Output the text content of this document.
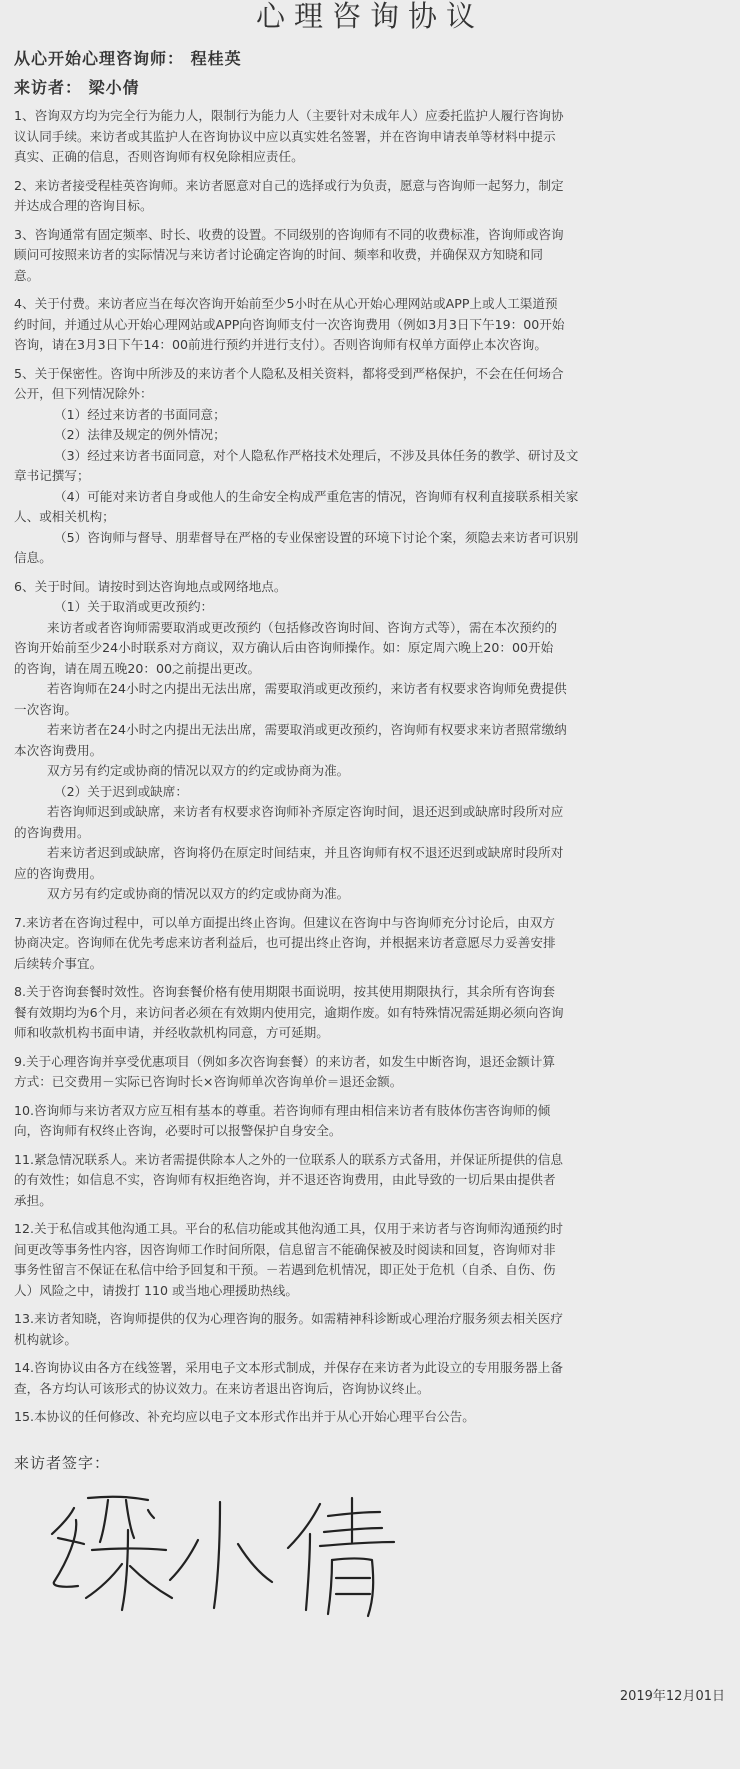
心理咨询协议
从心开始心理咨询师： 程桂英
来访者： 梁小倩
1、咨询双方均为完全行为能力人，限制行为能力人（主要针对未成年人）应委托监护人履行咨询协
议认同手续。来访者或其监护人在咨询协议中应以真实姓名签署，并在咨询申请表单等材料中提示
真实、正确的信息，否则咨询师有权免除相应责任。
2、来访者接受程桂英咨询师。来访者愿意对自己的选择或行为负责，愿意与咨询师一起努力，制定
并达成合理的咨询目标。
3、咨询通常有固定频率、时长、收费的设置。不同级别的咨询师有不同的收费标准，咨询师或咨询
顾问可按照来访者的实际情况与来访者讨论确定咨询的时间、频率和收费，并确保双方知晓和同
意。
4、关于付费。来访者应当在每次咨询开始前至少5小时在从心开始心理网站或APP上或人工渠道预
约时间，并通过从心开始心理网站或APP向咨询师支付一次咨询费用（例如3月3日下午19：00开始
咨询，请在3月3日下午14：00前进行预约并进行支付）。否则咨询师有权单方面停止本次咨询。
5、关于保密性。咨询中所涉及的来访者个人隐私及相关资料，都将受到严格保护，不会在任何场合
公开，但下列情况除外：
（1）经过来访者的书面同意；
（2）法律及规定的例外情况；
（3）经过来访者书面同意，对个人隐私作严格技术处理后，不涉及具体任务的教学、研讨及文
章书记撰写；
（4）可能对来访者自身或他人的生命安全构成严重危害的情况，咨询师有权利直接联系相关家
人、或相关机构；
（5）咨询师与督导、朋辈督导在严格的专业保密设置的环境下讨论个案，须隐去来访者可识别
信息。
6、关于时间。请按时到达咨询地点或网络地点。
（1）关于取消或更改预约：
来访者或者咨询师需要取消或更改预约（包括修改咨询时间、咨询方式等），需在本次预约的
咨询开始前至少24小时联系对方商议，双方确认后由咨询师操作。如：原定周六晚上20：00开始
的咨询，请在周五晚20：00之前提出更改。
若咨询师在24小时之内提出无法出席，需要取消或更改预约，来访者有权要求咨询师免费提供
一次咨询。
若来访者在24小时之内提出无法出席，需要取消或更改预约，咨询师有权要求来访者照常缴纳
本次咨询费用。
双方另有约定或协商的情况以双方的约定或协商为准。
（2）关于迟到或缺席：
若咨询师迟到或缺席，来访者有权要求咨询师补齐原定咨询时间，退还迟到或缺席时段所对应
的咨询费用。
若来访者迟到或缺席，咨询将仍在原定时间结束，并且咨询师有权不退还迟到或缺席时段所对
应的咨询费用。
双方另有约定或协商的情况以双方的约定或协商为准。
7.来访者在咨询过程中，可以单方面提出终止咨询。但建议在咨询中与咨询师充分讨论后，由双方
协商决定。咨询师在优先考虑来访者利益后，也可提出终止咨询，并根据来访者意愿尽力妥善安排
后续转介事宜。
8.关于咨询套餐时效性。咨询套餐价格有使用期限书面说明，按其使用期限执行，其余所有咨询套
餐有效期均为6个月，来访问者必须在有效期内使用完，逾期作废。如有特殊情况需延期必须向咨询
师和收款机构书面申请，并经收款机构同意，方可延期。
9.关于心理咨询并享受优惠项目（例如多次咨询套餐）的来访者，如发生中断咨询，退还金额计算
方式：已交费用－实际已咨询时长×咨询师单次咨询单价＝退还金额。
10.咨询师与来访者双方应互相有基本的尊重。若咨询师有理由相信来访者有肢体伤害咨询师的倾
向，咨询师有权终止咨询，必要时可以报警保护自身安全。
11.紧急情况联系人。来访者需提供除本人之外的一位联系人的联系方式备用，并保证所提供的信息
的有效性；如信息不实，咨询师有权拒绝咨询，并不退还咨询费用，由此导致的一切后果由提供者
承担。
12.关于私信或其他沟通工具。平台的私信功能或其他沟通工具，仅用于来访者与咨询师沟通预约时
间更改等事务性内容，因咨询师工作时间所限，信息留言不能确保被及时阅读和回复，咨询师对非
事务性留言不保证在私信中给予回复和干预。－若遇到危机情况，即正处于危机（自杀、自伤、伤
人）风险之中，请拨打 110 或当地心理援助热线。
13.来访者知晓，咨询师提供的仅为心理咨询的服务。如需精神科诊断或心理治疗服务须去相关医疗
机构就诊。
14.咨询协议由各方在线签署，采用电子文本形式制成，并保存在来访者为此设立的专用服务器上备
查，各方均认可该形式的协议效力。在来访者退出咨询后，咨询协议终止。
15.本协议的任何修改、补充均应以电子文本形式作出并于从心开始心理平台公告。
来访者签字：
2019年12月01日
